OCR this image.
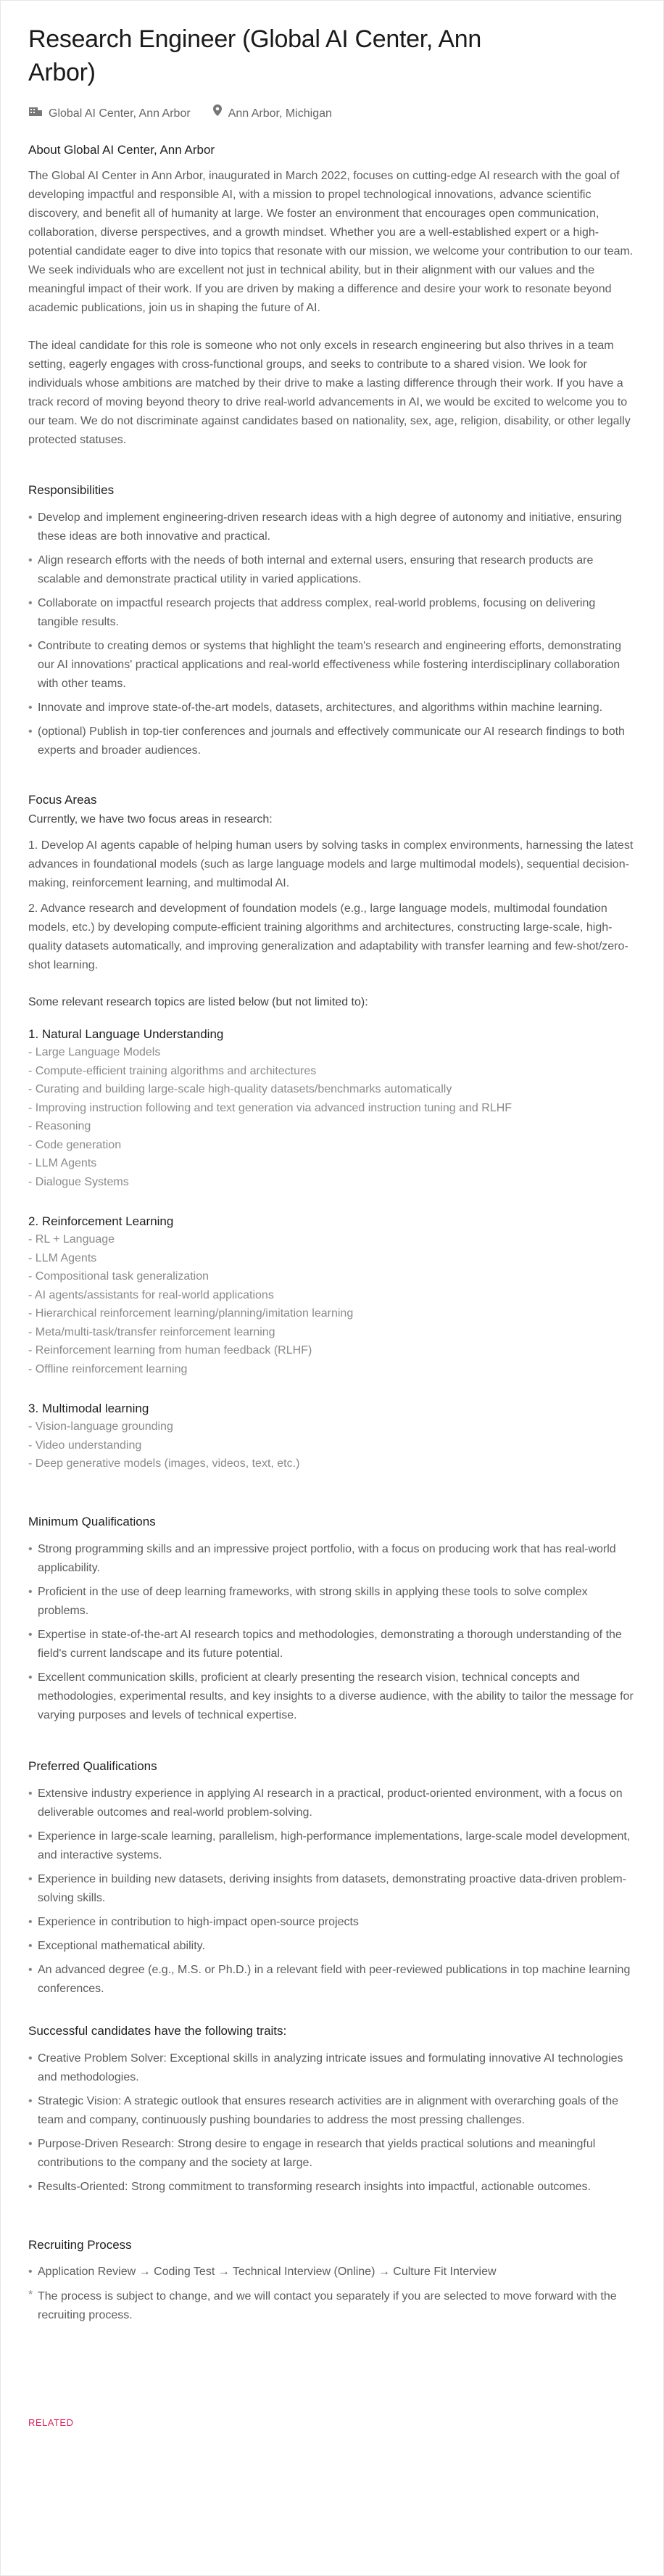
Research Engineer (Global AI Center, Ann Arbor)
Global AI Center, Ann Arbor	Ann Arbor, Michigan
About Global AI Center, Ann Arbor

The Global AI Center in Ann Arbor, inaugurated in March 2022, focuses on cutting-edge AI research with the goal of developing impactful and responsible AI, with a mission to propel technological innovations, advance scientific discovery, and benefit all of humanity at large. We foster an environment that encourages open communication, collaboration, diverse perspectives, and a growth mindset. Whether you are a well-established expert or a high-potential candidate eager to dive into topics that resonate with our mission, we welcome your contribution to our team. We seek individuals who are excellent not just in technical ability, but in their alignment with our values and the meaningful impact of their work. If you are driven by making a difference and desire your work to resonate beyond academic publications, join us in shaping the future of AI.

The ideal candidate for this role is someone who not only excels in research engineering but also thrives in a team setting, eagerly engages with cross-functional groups, and seeks to contribute to a shared vision. We look for individuals whose ambitions are matched by their drive to make a lasting difference through their work. If you have a track record of moving beyond theory to drive real-world advancements in AI, we would be excited to welcome you to our team. We do not discriminate against candidates based on nationality, sex, age, religion, disability, or other legally protected statuses.

Responsibilities
• Develop and implement engineering-driven research ideas with a high degree of autonomy and initiative, ensuring these ideas are both innovative and practical.
• Align research efforts with the needs of both internal and external users, ensuring that research products are scalable and demonstrate practical utility in varied applications.
• Collaborate on impactful research projects that address complex, real-world problems, focusing on delivering tangible results.
• Contribute to creating demos or systems that highlight the team's research and engineering efforts, demonstrating our AI innovations' practical applications and real-world effectiveness while fostering interdisciplinary collaboration with other teams.
• Innovate and improve state-of-the-art models, datasets, architectures, and algorithms within machine learning.
• (optional) Publish in top-tier conferences and journals and effectively communicate our AI research findings to both experts and broader audiences.
Focus Areas

Currently, we have two focus areas in research:

1. Develop AI agents capable of helping human users by solving tasks in complex environments, harnessing the latest advances in foundational models (such as large language models and large multimodal models), sequential decision-making, reinforcement learning, and multimodal AI.

2. Advance research and development of foundation models (e.g., large language models, multimodal foundation models, etc.) by developing compute-efficient training algorithms and architectures, constructing large-scale, high-quality datasets automatically, and improving generalization and adaptability with transfer learning and few-shot/zero-shot learning.

Some relevant research topics are listed below (but not limited to):

1. Natural Language Understanding
- Large Language Models
- Compute-efficient training algorithms and architectures
- Curating and building large-scale high-quality datasets/benchmarks automatically
- Improving instruction following and text generation via advanced instruction tuning and RLHF
- Reasoning
- Code generation
- LLM Agents
- Dialogue Systems
2. Reinforcement Learning
- RL + Language
- LLM Agents
- Compositional task generalization
- AI agents/assistants for real-world applications
- Hierarchical reinforcement learning/planning/imitation learning
- Meta/multi-task/transfer reinforcement learning
- Reinforcement learning from human feedback (RLHF)
- Offline reinforcement learning
3. Multimodal learning
- Vision-language grounding
- Video understanding
- Deep generative models (images, videos, text, etc.)
Minimum Qualifications
• Strong programming skills and an impressive project portfolio, with a focus on producing work that has real-world applicability.
• Proficient in the use of deep learning frameworks, with strong skills in applying these tools to solve complex problems.
• Expertise in state-of-the-art AI research topics and methodologies, demonstrating a thorough understanding of the field's current landscape and its future potential.
• Excellent communication skills, proficient at clearly presenting the research vision, technical concepts and methodologies, experimental results, and key insights to a diverse audience, with the ability to tailor the message for varying purposes and levels of technical expertise.
Preferred Qualifications
• Extensive industry experience in applying AI research in a practical, product-oriented environment, with a focus on deliverable outcomes and real-world problem-solving.
• Experience in large-scale learning, parallelism, high-performance implementations, large-scale model development, and interactive systems.
• Experience in building new datasets, deriving insights from datasets, demonstrating proactive data-driven problem-solving skills.
• Experience in contribution to high-impact open-source projects
• Exceptional mathematical ability.
• An advanced degree (e.g., M.S. or Ph.D.) in a relevant field with peer-reviewed publications in top machine learning conferences.
Successful candidates have the following traits:
• Creative Problem Solver: Exceptional skills in analyzing intricate issues and formulating innovative AI technologies and methodologies.
• Strategic Vision: A strategic outlook that ensures research activities are in alignment with overarching goals of the team and company, continuously pushing boundaries to address the most pressing challenges.
• Purpose-Driven Research: Strong desire to engage in research that yields practical solutions and meaningful contributions to the company and the society at large.
• Results-Oriented: Strong commitment to transforming research insights into impactful, actionable outcomes.
Recruiting Process
• Application Review → Coding Test → Technical Interview (Online) → Culture Fit Interview

* The process is subject to change, and we will contact you separately if you are selected to move forward with the recruiting process.

RELATED
